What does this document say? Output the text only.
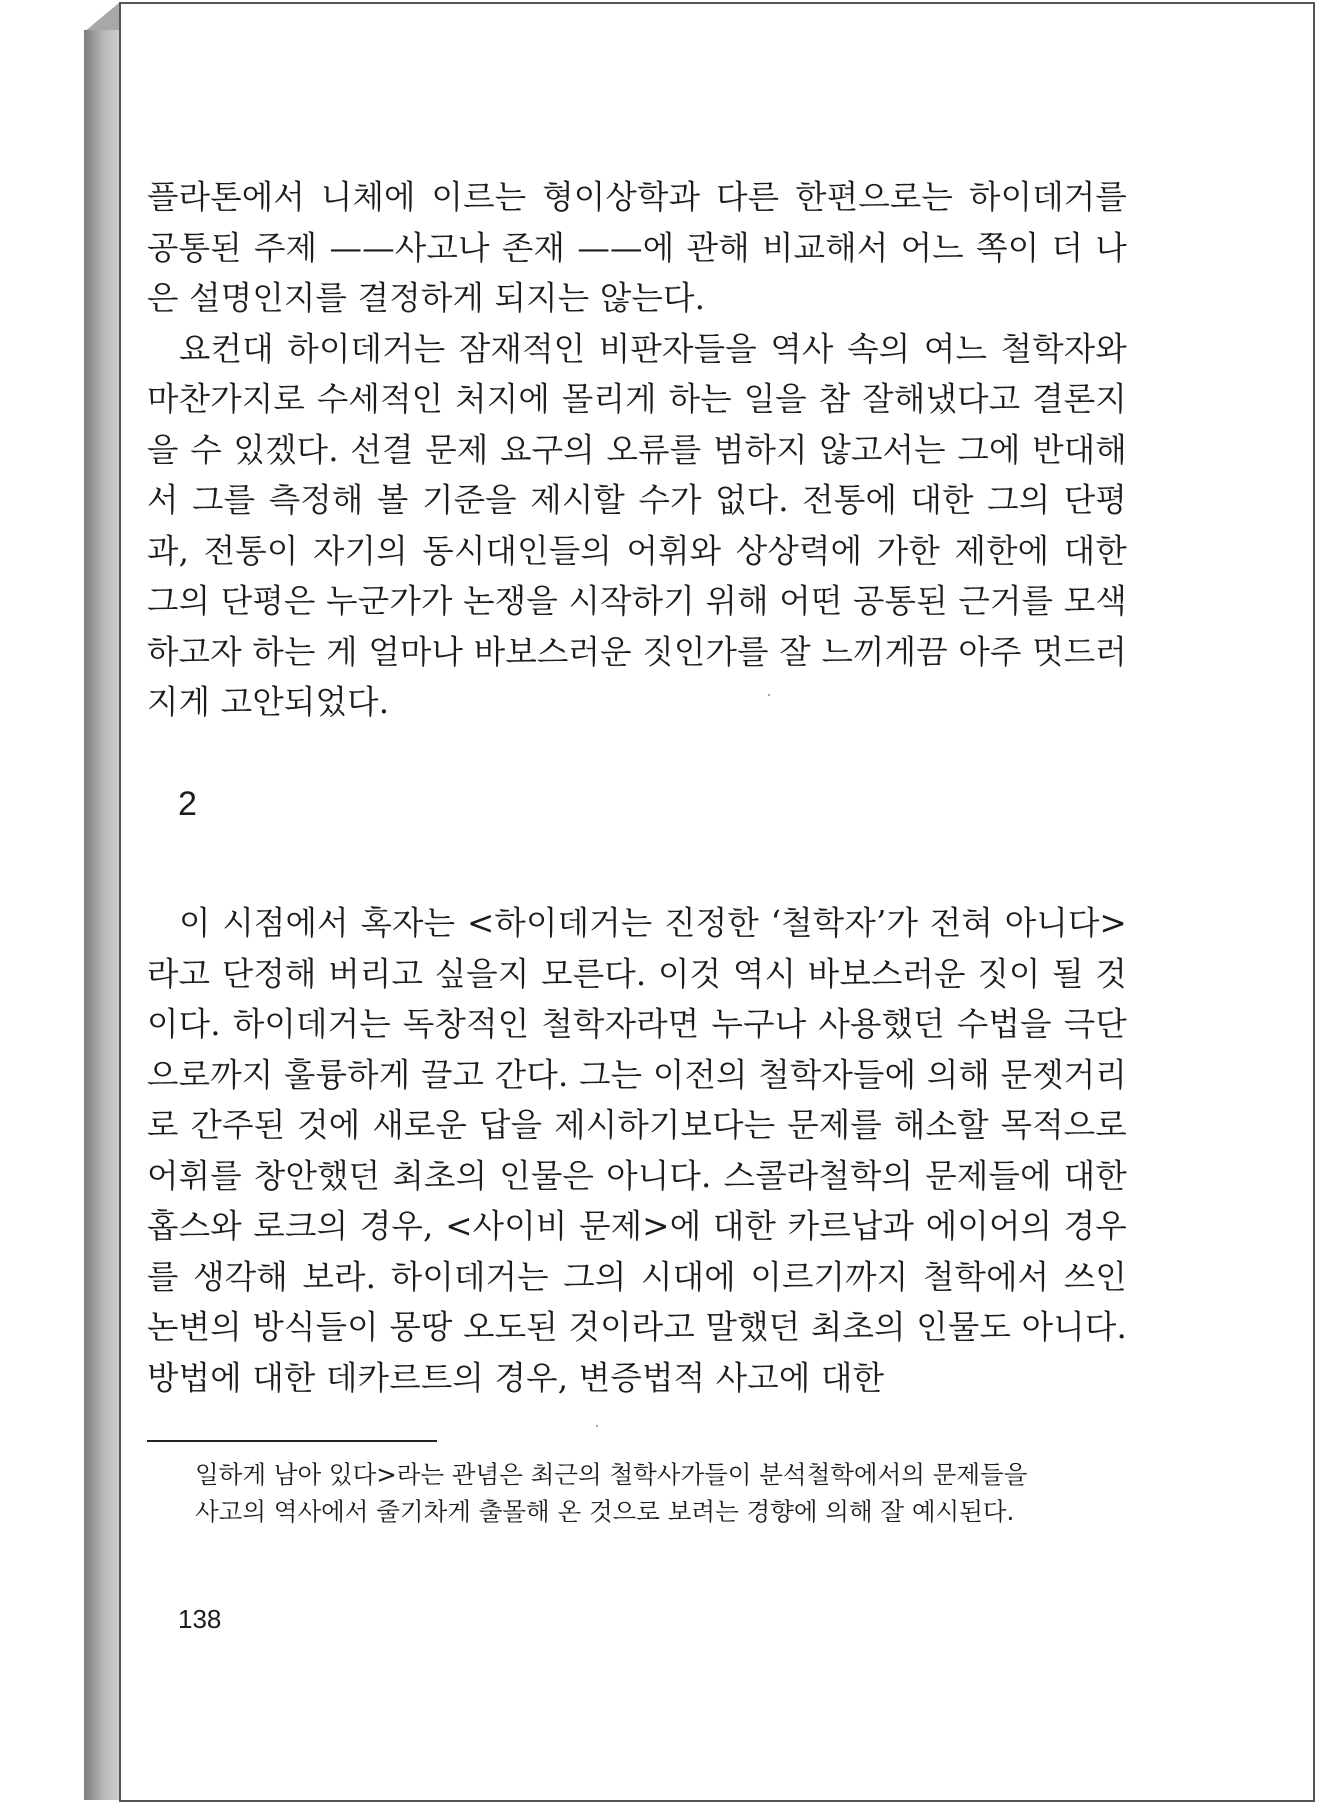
플라톤에서 니체에 이르는 형이상학과 다른 한편으로는 하이데거를 공통된 주제 ——사고나 존재 ——에 관해 비교해서 어느 쪽이 더 나은 설명인지를 결정하게 되지는 않는다.

요컨대 하이데거는 잠재적인 비판자들을 역사 속의 여느 철학자와 마찬가지로 수세적인 처지에 몰리게 하는 일을 참 잘해냈다고 결론지을 수 있겠다. 선결 문제 요구의 오류를 범하지 않고서는 그에 반대해서 그를 측정해 볼 기준을 제시할 수가 없다. 전통에 대한 그의 단평과, 전통이 자기의 동시대인들의 어휘와 상상력에 가한 제한에 대한 그의 단평은 누군가가 논쟁을 시작하기 위해 어떤 공통된 근거를 모색하고자 하는 게 얼마나 바보스러운 짓인가를 잘 느끼게끔 아주 멋드러지게 고안되었다.

2

이 시점에서 혹자는 <하이데거는 진정한 ‘철학자’가 전혀 아니다>라고 단정해 버리고 싶을지 모른다. 이것 역시 바보스러운 짓이 될 것이다. 하이데거는 독창적인 철학자라면 누구나 사용했던 수법을 극단으로까지 훌륭하게 끌고 간다. 그는 이전의 철학자들에 의해 문젯거리로 간주된 것에 새로운 답을 제시하기보다는 문제를 해소할 목적으로 어휘를 창안했던 최초의 인물은 아니다. 스콜라철학의 문제들에 대한 홉스와 로크의 경우, <사이비 문제>에 대한 카르납과 에이어의 경우를 생각해 보라. 하이데거는 그의 시대에 이르기까지 철학에서 쓰인 논변의 방식들이 몽땅 오도된 것이라고 말했던 최초의 인물도 아니다. 방법에 대한 데카르트의 경우, 변증법적 사고에 대한

일하게 남아 있다>라는 관념은 최근의 철학사가들이 분석철학에서의 문제들을
사고의 역사에서 줄기차게 출몰해 온 것으로 보려는 경향에 의해 잘 예시된다.
138
